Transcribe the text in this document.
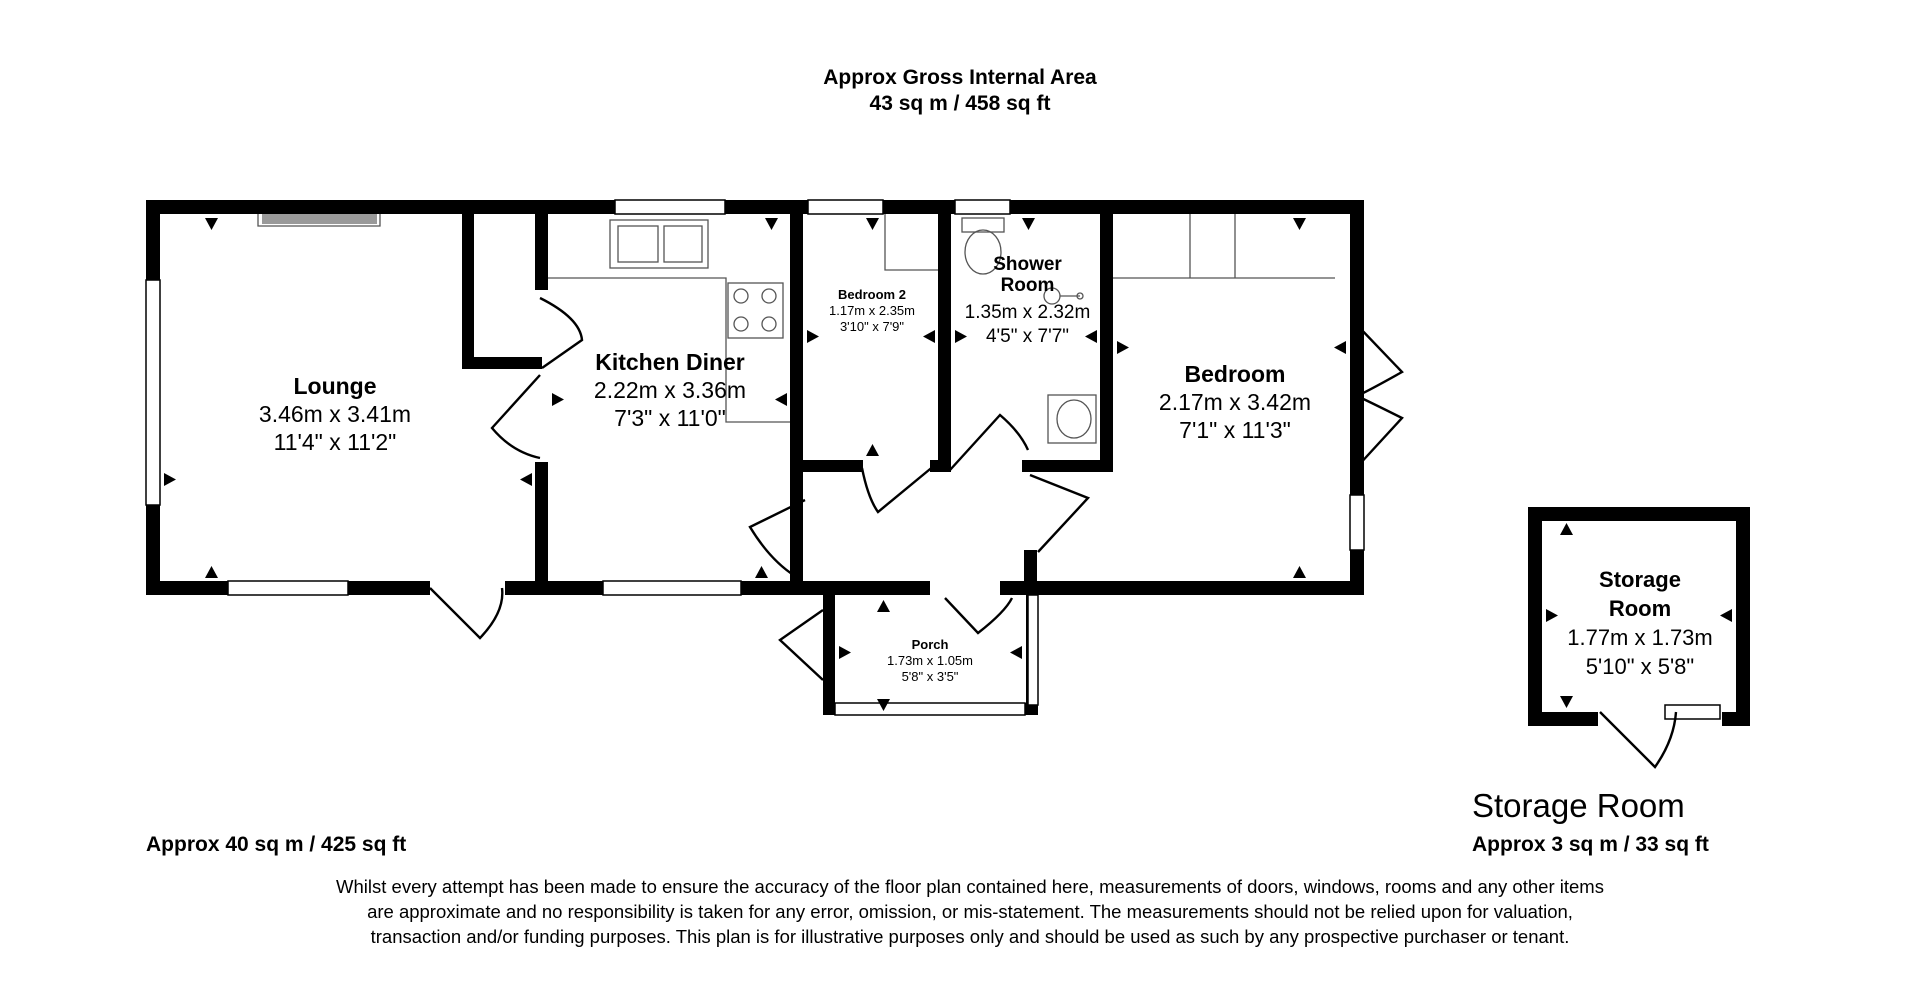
Approx Gross Internal Area
43 sq m / 458 sq ft
Lounge
3.46m x 3.41m
11'4" x 11'2"
Kitchen Diner
2.22m x 3.36m
7'3" x 11'0"
Bedroom 2
1.17m x 2.35m
3'10" x 7'9"
Shower Room
1.35m x 2.32m
4'5" x 7'7"
Bedroom
2.17m x 3.42m
7'1" x 11'3"
Porch
1.73m x 1.05m
5'8" x 3'5"
Storage Room
1.77m x 1.73m
5'10" x 5'8"
Approx 40 sq m / 425 sq ft
Storage Room
Approx 3 sq m / 33 sq ft
Whilst every attempt has been made to ensure the accuracy of the floor plan contained here, measurements of doors, windows, rooms and any other items are approximate and no responsibility is taken for any error, omission, or mis-statement. The measurements should not be relied upon for valuation, transaction and/or funding purposes. This plan is for illustrative purposes only and should be used as such by any prospective purchaser or tenant.
